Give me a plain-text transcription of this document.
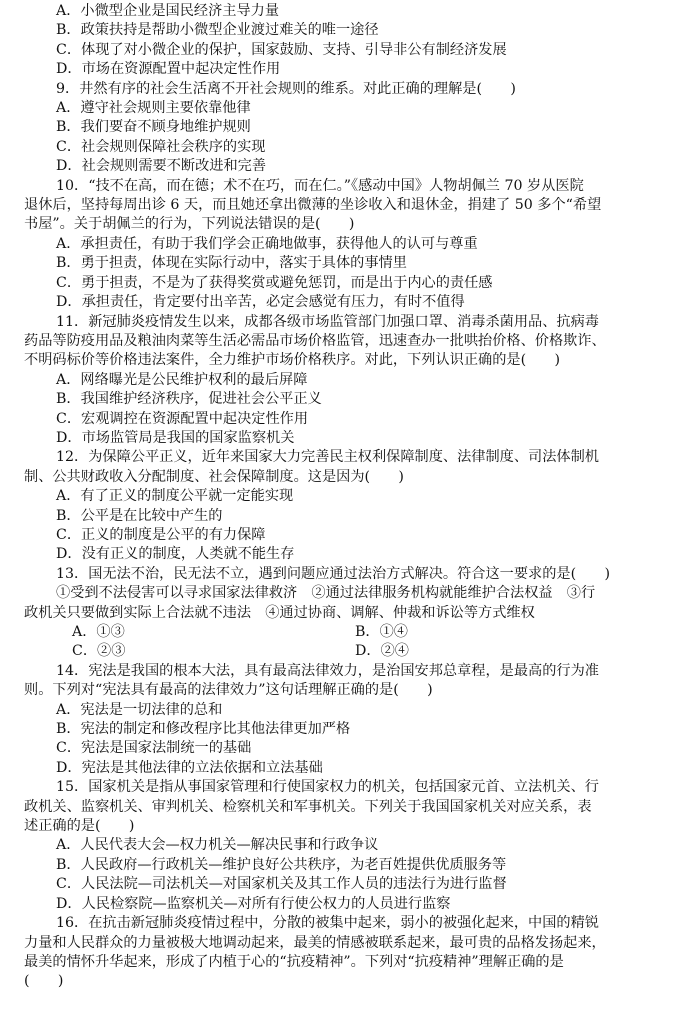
A．小微型企业是国民经济主导力量
B．政策扶持是帮助小微型企业渡过难关的唯一途径
C．体现了对小微企业的保护，国家鼓励、支持、引导非公有制经济发展
D．市场在资源配置中起决定性作用
9．井然有序的社会生活离不开社会规则的维系。对此正确的理解是(　　)
A．遵守社会规则主要依靠他律
B．我们要奋不顾身地维护规则
C．社会规则保障社会秩序的实现
D．社会规则需要不断改进和完善
10．“技不在高，而在德；术不在巧，而在仁。”《感动中国》人物胡佩兰 70 岁从医院
退休后，坚持每周出诊 6 天，而且她还拿出微薄的坐诊收入和退休金，捐建了 50 多个“希望
书屋”。关于胡佩兰的行为，下列说法错误的是(　　)
A．承担责任，有助于我们学会正确地做事，获得他人的认可与尊重
B．勇于担责，体现在实际行动中，落实于具体的事情里
C．勇于担责，不是为了获得奖赏或避免惩罚，而是出于内心的责任感
D．承担责任，肯定要付出辛苦，必定会感觉有压力，有时不值得
11．新冠肺炎疫情发生以来，成都各级市场监管部门加强口罩、消毒杀菌用品、抗病毒
药品等防疫用品及粮油肉菜等生活必需品市场价格监管，迅速查办一批哄抬价格、价格欺诈、
不明码标价等价格违法案件，全力维护市场价格秩序。对此，下列认识正确的是(　　)
A．网络曝光是公民维护权利的最后屏障
B．我国维护经济秩序，促进社会公平正义
C．宏观调控在资源配置中起决定性作用
D．市场监管局是我国的国家监察机关
12．为保障公平正义，近年来国家大力完善民主权利保障制度、法律制度、司法体制机
制、公共财政收入分配制度、社会保障制度。这是因为(　　)
A．有了正义的制度公平就一定能实现
B．公平是在比较中产生的
C．正义的制度是公平的有力保障
D．没有正义的制度，人类就不能生存
13．国无法不治，民无法不立，遇到问题应通过法治方式解决。符合这一要求的是(　　)
①受到不法侵害可以寻求国家法律救济　②通过法律服务机构就能维护合法权益　③行
政机关只要做到实际上合法就不违法　④通过协商、调解、仲裁和诉讼等方式维权
A．①③	B．①④
C．②③	D．②④
14．宪法是我国的根本大法，具有最高法律效力，是治国安邦总章程，是最高的行为准
则。下列对“宪法具有最高的法律效力”这句话理解正确的是(　　)
A．宪法是一切法律的总和
B．宪法的制定和修改程序比其他法律更加严格
C．宪法是国家法制统一的基础
D．宪法是其他法律的立法依据和立法基础
15．国家机关是指从事国家管理和行使国家权力的机关，包括国家元首、立法机关、行
政机关、监察机关、审判机关、检察机关和军事机关。下列关于我国国家机关对应关系，表
述正确的是(　　)
A．人民代表大会—权力机关—解决民事和行政争议
B．人民政府—行政机关—维护良好公共秩序，为老百姓提供优质服务等
C．人民法院—司法机关—对国家机关及其工作人员的违法行为进行监督
D．人民检察院—监察机关—对所有行使公权力的人员进行监察
16．在抗击新冠肺炎疫情过程中，分散的被集中起来，弱小的被强化起来，中国的精锐
力量和人民群众的力量被极大地调动起来，最美的情感被联系起来，最可贵的品格发扬起来，
最美的情怀升华起来，形成了内植于心的“抗疫精神”。下列对“抗疫精神”理解正确的是
(　　)
